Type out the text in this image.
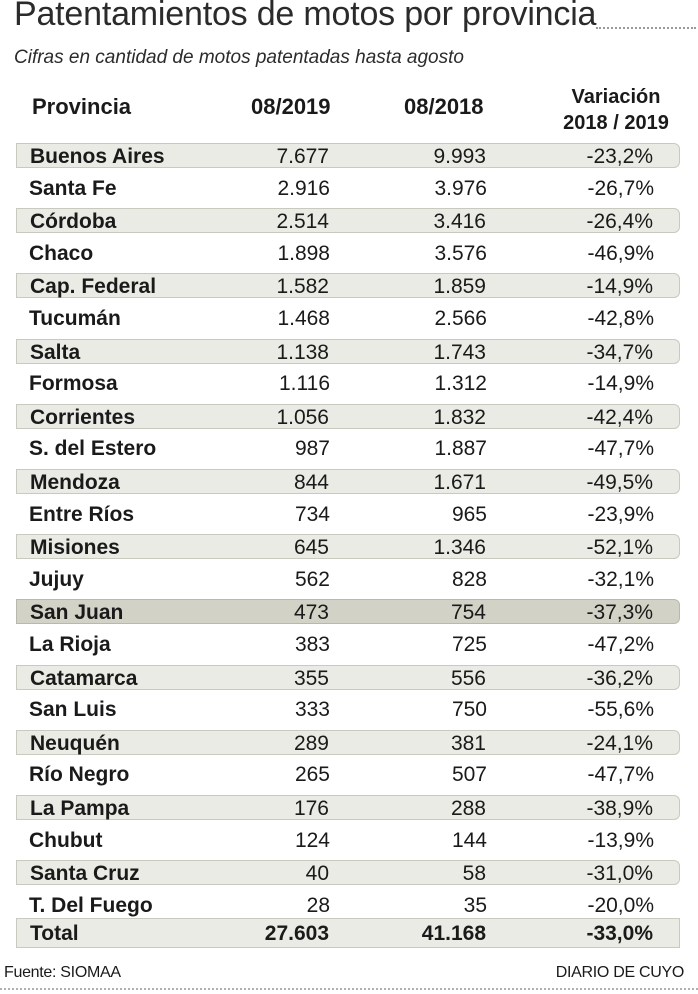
Patentamientos de motos por provincia
Cifras en cantidad de motos patentadas hasta agosto
Provincia	08/2019	08/2018	Variación
2018 / 2019
Buenos Aires	7.677	9.993	-23,2%
Santa Fe	2.916	3.976	-26,7%
Córdoba	2.514	3.416	-26,4%
Chaco	1.898	3.576	-46,9%
Cap. Federal	1.582	1.859	-14,9%
Tucumán	1.468	2.566	-42,8%
Salta	1.138	1.743	-34,7%
Formosa	1.116	1.312	-14,9%
Corrientes	1.056	1.832	-42,4%
S. del Estero	987	1.887	-47,7%
Mendoza	844	1.671	-49,5%
Entre Ríos	734	965	-23,9%
Misiones	645	1.346	-52,1%
Jujuy	562	828	-32,1%
San Juan	473	754	-37,3%
La Rioja	383	725	-47,2%
Catamarca	355	556	-36,2%
San Luis	333	750	-55,6%
Neuquén	289	381	-24,1%
Río Negro	265	507	-47,7%
La Pampa	176	288	-38,9%
Chubut	124	144	-13,9%
Santa Cruz	40	58	-31,0%
T. Del Fuego	28	35	-20,0%
Total	27.603	41.168	-33,0%
Fuente: SIOMAA	DIARIO DE CUYO
